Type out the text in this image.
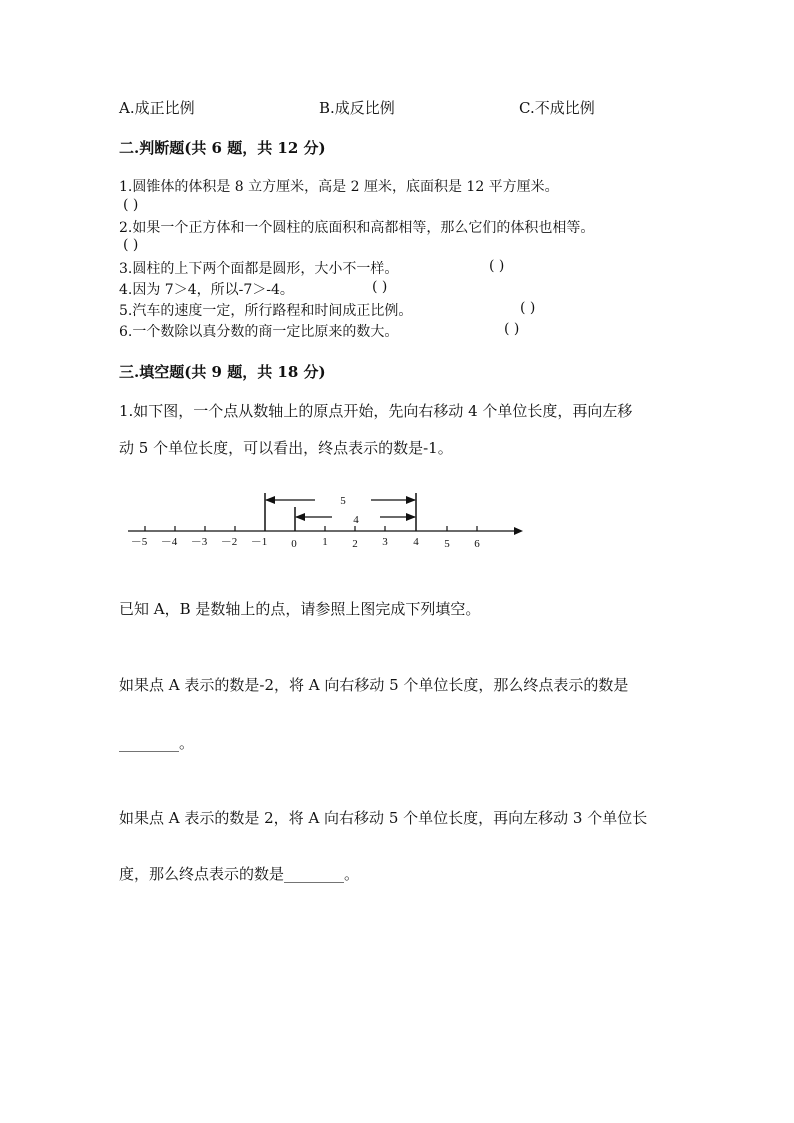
A.成正比例	B.成反比例	C.不成比例
二.判断题(共 6 题，共 12 分)
1.圆锥体的体积是 8 立方厘米，高是 2 厘米，底面积是 12 平方厘米。
( )
2.如果一个正方体和一个圆柱的底面积和高都相等，那么它们的体积也相等。
( )
3.圆柱的上下两个面都是圆形，大小不一样。	( )
4.因为 7＞4，所以-7＞-4。	( )
5.汽车的速度一定，所行路程和时间成正比例。	( )
6.一个数除以真分数的商一定比原来的数大。	( )
三.填空题(共 9 题，共 18 分)
1.如下图，一个点从数轴上的原点开始，先向右移动 4 个单位长度，再向左移
动 5 个单位长度，可以看出，终点表示的数是-1。
5
4
－5 －4 －3 －2 －1 0 1 2 3 4 5 6
已知 A，B 是数轴上的点，请参照上图完成下列填空。
如果点 A 表示的数是-2，将 A 向右移动 5 个单位长度，那么终点表示的数是
________。
如果点 A 表示的数是 2，将 A 向右移动 5 个单位长度，再向左移动 3 个单位长
度，那么终点表示的数是________。
